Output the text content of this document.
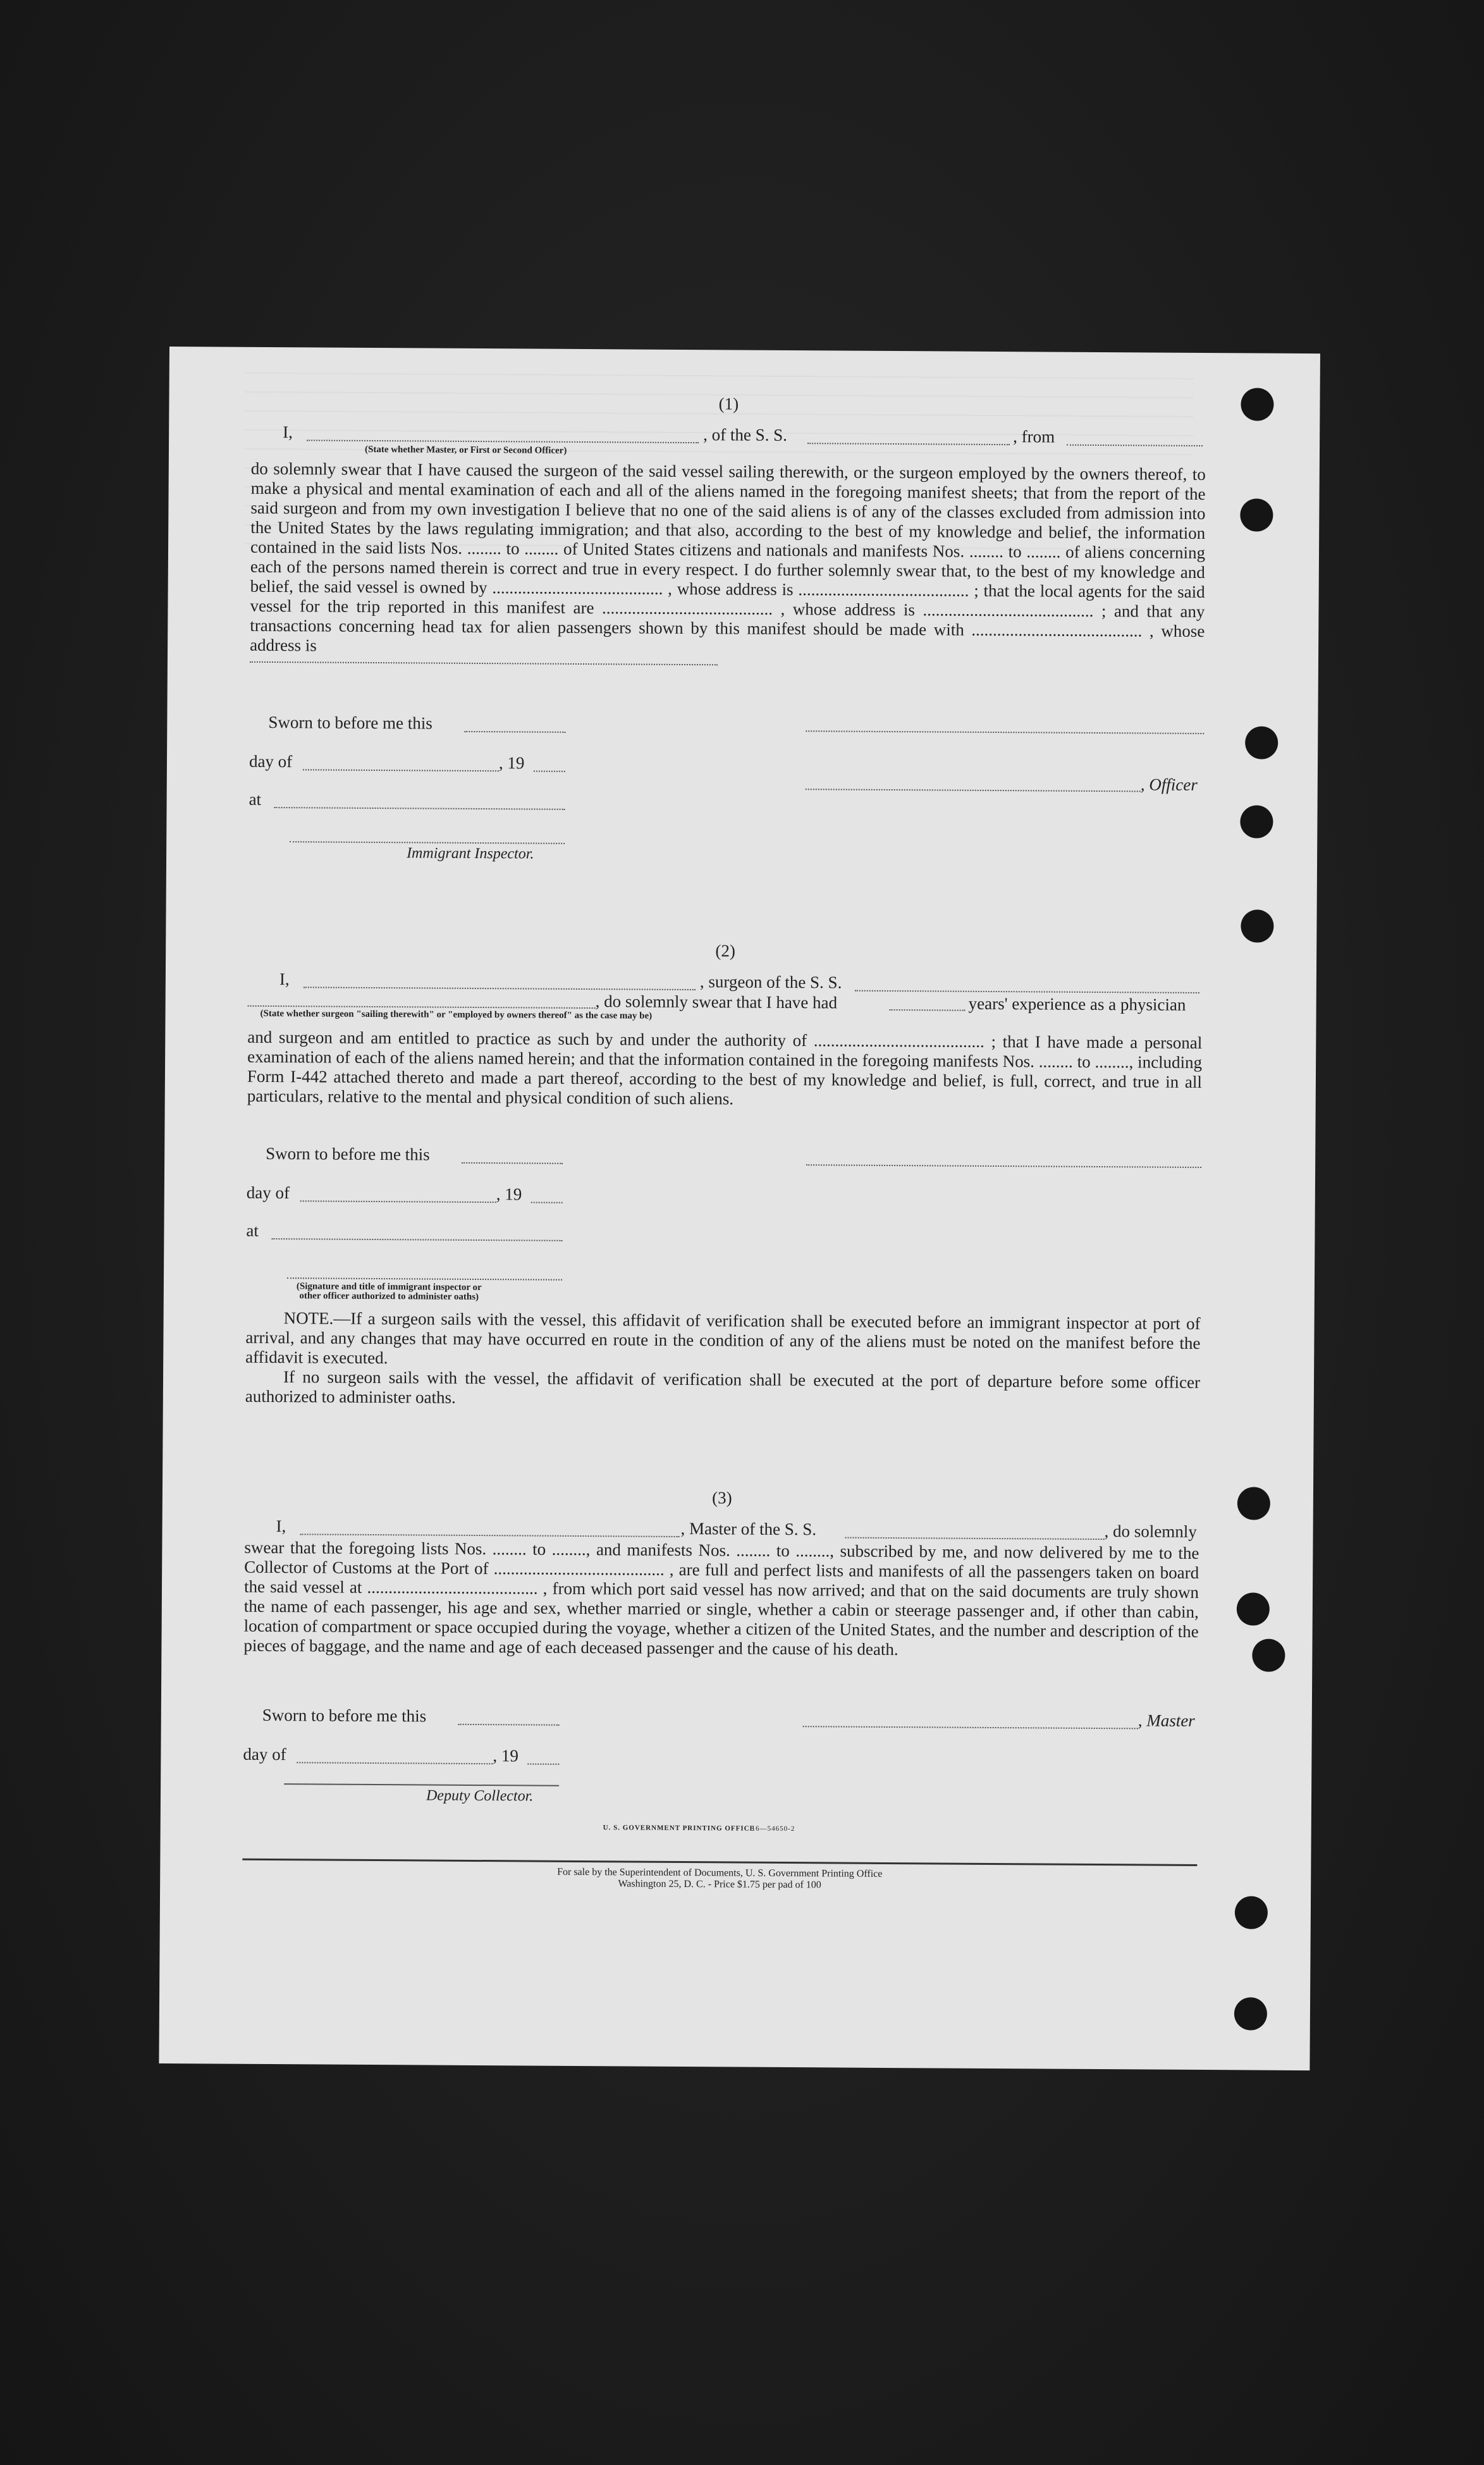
(1)
I,	, of the S. S.	, from
(State whether Master, or First or Second Officer)

do solemnly swear that I have caused the surgeon of the said vessel sailing therewith, or the surgeon employed by the owners thereof, to make a physical and mental examination of each and all of the aliens named in the foregoing manifest sheets; that from the report of the said surgeon and from my own investigation I believe that no one of the said aliens is of any of the classes excluded from admission into the United States by the laws regulating immigration; and that also, according to the best of my knowledge and belief, the information contained in the said lists Nos. ........ to ........ of United States citizens and nationals and manifests Nos. ........ to ........ of aliens concerning each of the persons named therein is correct and true in every respect. I do further solemnly swear that, to the best of my knowledge and belief, the said vessel is owned by ........................................ , whose address is ........................................ ; that the local agents for the said vessel for the trip reported in this manifest are ........................................ , whose address is ........................................ ; and that any transactions concerning head tax for alien passengers shown by this manifest should be made with ........................................ , whose address is

Sworn to before me this
day of	, 19
, Officer
at
Immigrant Inspector.
(2)
I,	, surgeon of the S. S.
, do solemnly swear that I have had	years' experience as a physician
(State whether surgeon "sailing therewith" or "employed by owners thereof" as the case may be)

and surgeon and am entitled to practice as such by and under the authority of ........................................ ; that I have made a personal examination of each of the aliens named herein; and that the information contained in the foregoing manifests Nos. ........ to ........, including Form I-442 attached thereto and made a part thereof, according to the best of my knowledge and belief, is full, correct, and true in all particulars, relative to the mental and physical condition of such aliens.

Sworn to before me this
day of	, 19
at
(Signature and title of immigrant inspector or
other officer authorized to administer oaths)

NOTE.—If a surgeon sails with the vessel, this affidavit of verification shall be executed before an immigrant inspector at port of arrival, and any changes that may have occurred en route in the condition of any of the aliens must be noted on the manifest before the affidavit is executed.

If no surgeon sails with the vessel, the affidavit of verification shall be executed at the port of departure before some officer authorized to administer oaths.

(3)
I,	, Master of the S. S.	, do solemnly

swear that the foregoing lists Nos. ........ to ........, and manifests Nos. ........ to ........, subscribed by me, and now delivered by me to the Collector of Customs at the Port of ........................................ , are full and perfect lists and manifests of all the passengers taken on board the said vessel at ........................................ , from which port said vessel has now arrived; and that on the said documents are truly shown the name of each passenger, his age and sex, whether married or single, whether a cabin or steerage passenger and, if other than cabin, location of compartment or space occupied during the voyage, whether a citizen of the United States, and the number and description of the pieces of baggage, and the name and age of each deceased passenger and the cause of his death.

Sworn to before me this	, Master
day of	, 19
Deputy Collector.
U. S. GOVERNMENT PRINTING OFFICE
16—54650-2
For sale by the Superintendent of Documents, U. S. Government Printing Office
Washington 25, D. C. - Price $1.75 per pad of 100
